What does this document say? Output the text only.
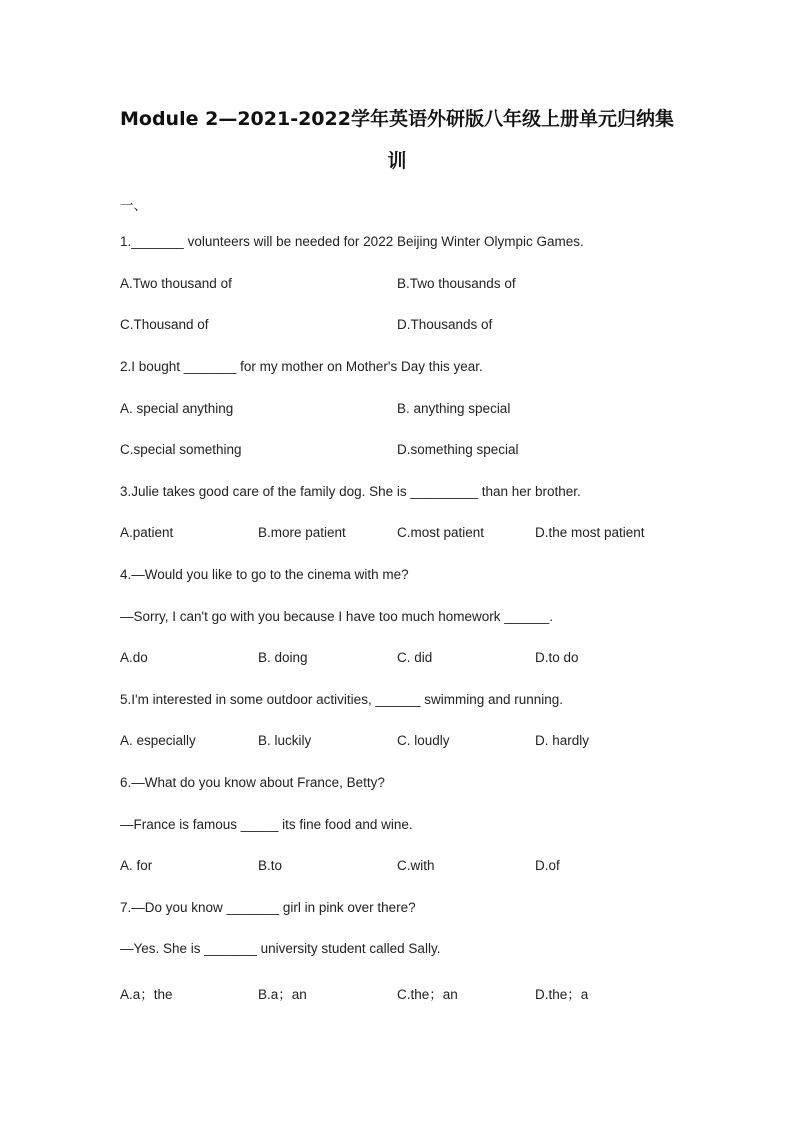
Module 2—2021-2022学年英语外研版八年级上册单元归纳集
训
一、
1._______ volunteers will be needed for 2022 Beijing Winter Olympic Games.
A.Two thousand of	B.Two thousands of
C.Thousand of	D.Thousands of
2.I bought _______ for my mother on Mother's Day this year.
A. special anything	B. anything special
C.special something	D.something special
3.Julie takes good care of the family dog. She is _________ than her brother.
A.patient	B.more patient	C.most patient	D.the most patient
4.—Would you like to go to the cinema with me?
—Sorry, I can't go with you because I have too much homework ______.
A.do	B. doing	C. did	D.to do
5.I'm interested in some outdoor activities, ______ swimming and running.
A. especially	B. luckily	C. loudly	D. hardly
6.—What do you know about France, Betty?
—France is famous _____ its fine food and wine.
A. for	B.to	C.with	D.of
7.—Do you know _______ girl in pink over there?
—Yes. She is _______ university student called Sally.
A.a；the	B.a；an	C.the；an	D.the；a
